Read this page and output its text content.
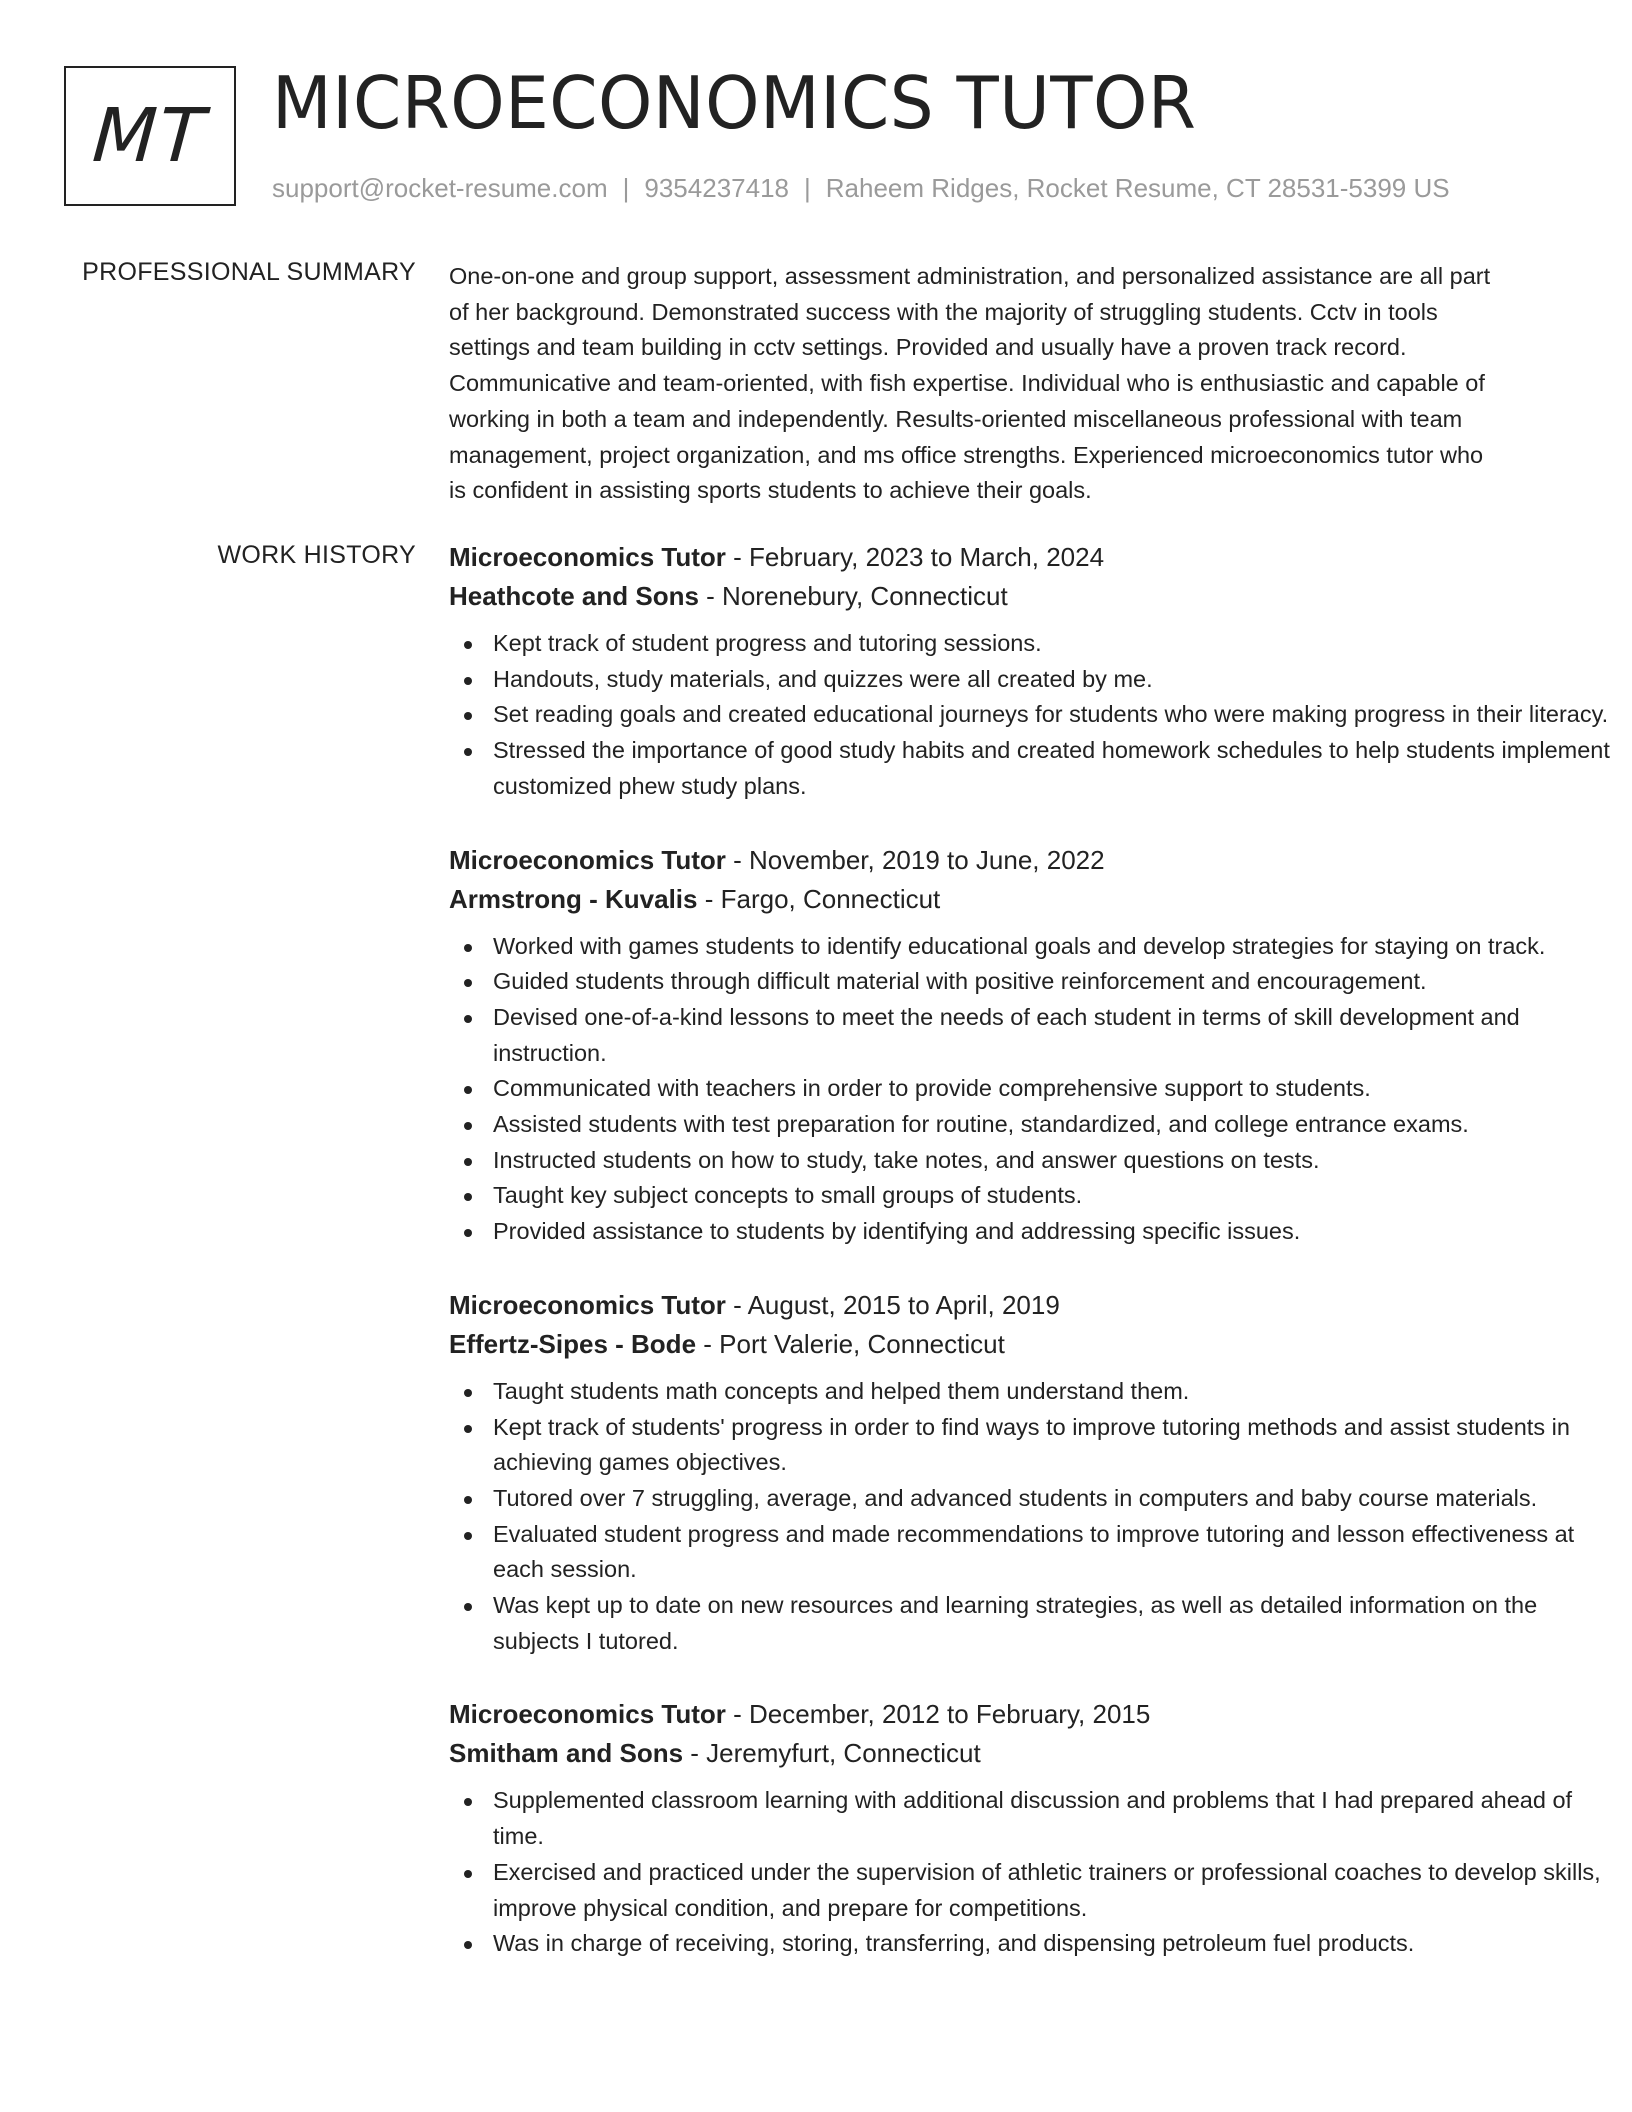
MT MICROECONOMICS TUTOR
support@rocket-resume.com | 9354237418 | Raheem Ridges, Rocket Resume, CT 28531-5399 US
PROFESSIONAL SUMMARY One-on-one and group support, assessment administration, and personalized assistance are all part
of her background. Demonstrated success with the majority of struggling students. Cctv in tools
settings and team building in cctv settings. Provided and usually have a proven track record.
Communicative and team-oriented, with fish expertise. Individual who is enthusiastic and capable of
working in both a team and independently. Results-oriented miscellaneous professional with team
management, project organization, and ms office strengths. Experienced microeconomics tutor who
is confident in assisting sports students to achieve their goals.

WORK HISTORY Microeconomics Tutor - February, 2023 to March, 2024
Heathcote and Sons - Norenebury, Connecticut
Kept track of student progress and tutoring sessions.
Handouts, study materials, and quizzes were all created by me.
Set reading goals and created educational journeys for students who were making progress in their literacy.
Stressed the importance of good study habits and created homework schedules to help students implement customized phew study plans.
Microeconomics Tutor - November, 2019 to June, 2022
Armstrong - Kuvalis - Fargo, Connecticut
Worked with games students to identify educational goals and develop strategies for staying on track.
Guided students through difficult material with positive reinforcement and encouragement.
Devised one-of-a-kind lessons to meet the needs of each student in terms of skill development and instruction.
Communicated with teachers in order to provide comprehensive support to students.
Assisted students with test preparation for routine, standardized, and college entrance exams.
Instructed students on how to study, take notes, and answer questions on tests.
Taught key subject concepts to small groups of students.
Provided assistance to students by identifying and addressing specific issues.
Microeconomics Tutor - August, 2015 to April, 2019
Effertz-Sipes - Bode - Port Valerie, Connecticut
Taught students math concepts and helped them understand them.
Kept track of students' progress in order to find ways to improve tutoring methods and assist students in achieving games objectives.
Tutored over 7 struggling, average, and advanced students in computers and baby course materials.
Evaluated student progress and made recommendations to improve tutoring and lesson effectiveness at each session.
Was kept up to date on new resources and learning strategies, as well as detailed information on the subjects I tutored.
Microeconomics Tutor - December, 2012 to February, 2015
Smitham and Sons - Jeremyfurt, Connecticut
Supplemented classroom learning with additional discussion and problems that I had prepared ahead of time.
Exercised and practiced under the supervision of athletic trainers or professional coaches to develop skills, improve physical condition, and prepare for competitions.
Was in charge of receiving, storing, transferring, and dispensing petroleum fuel products.
